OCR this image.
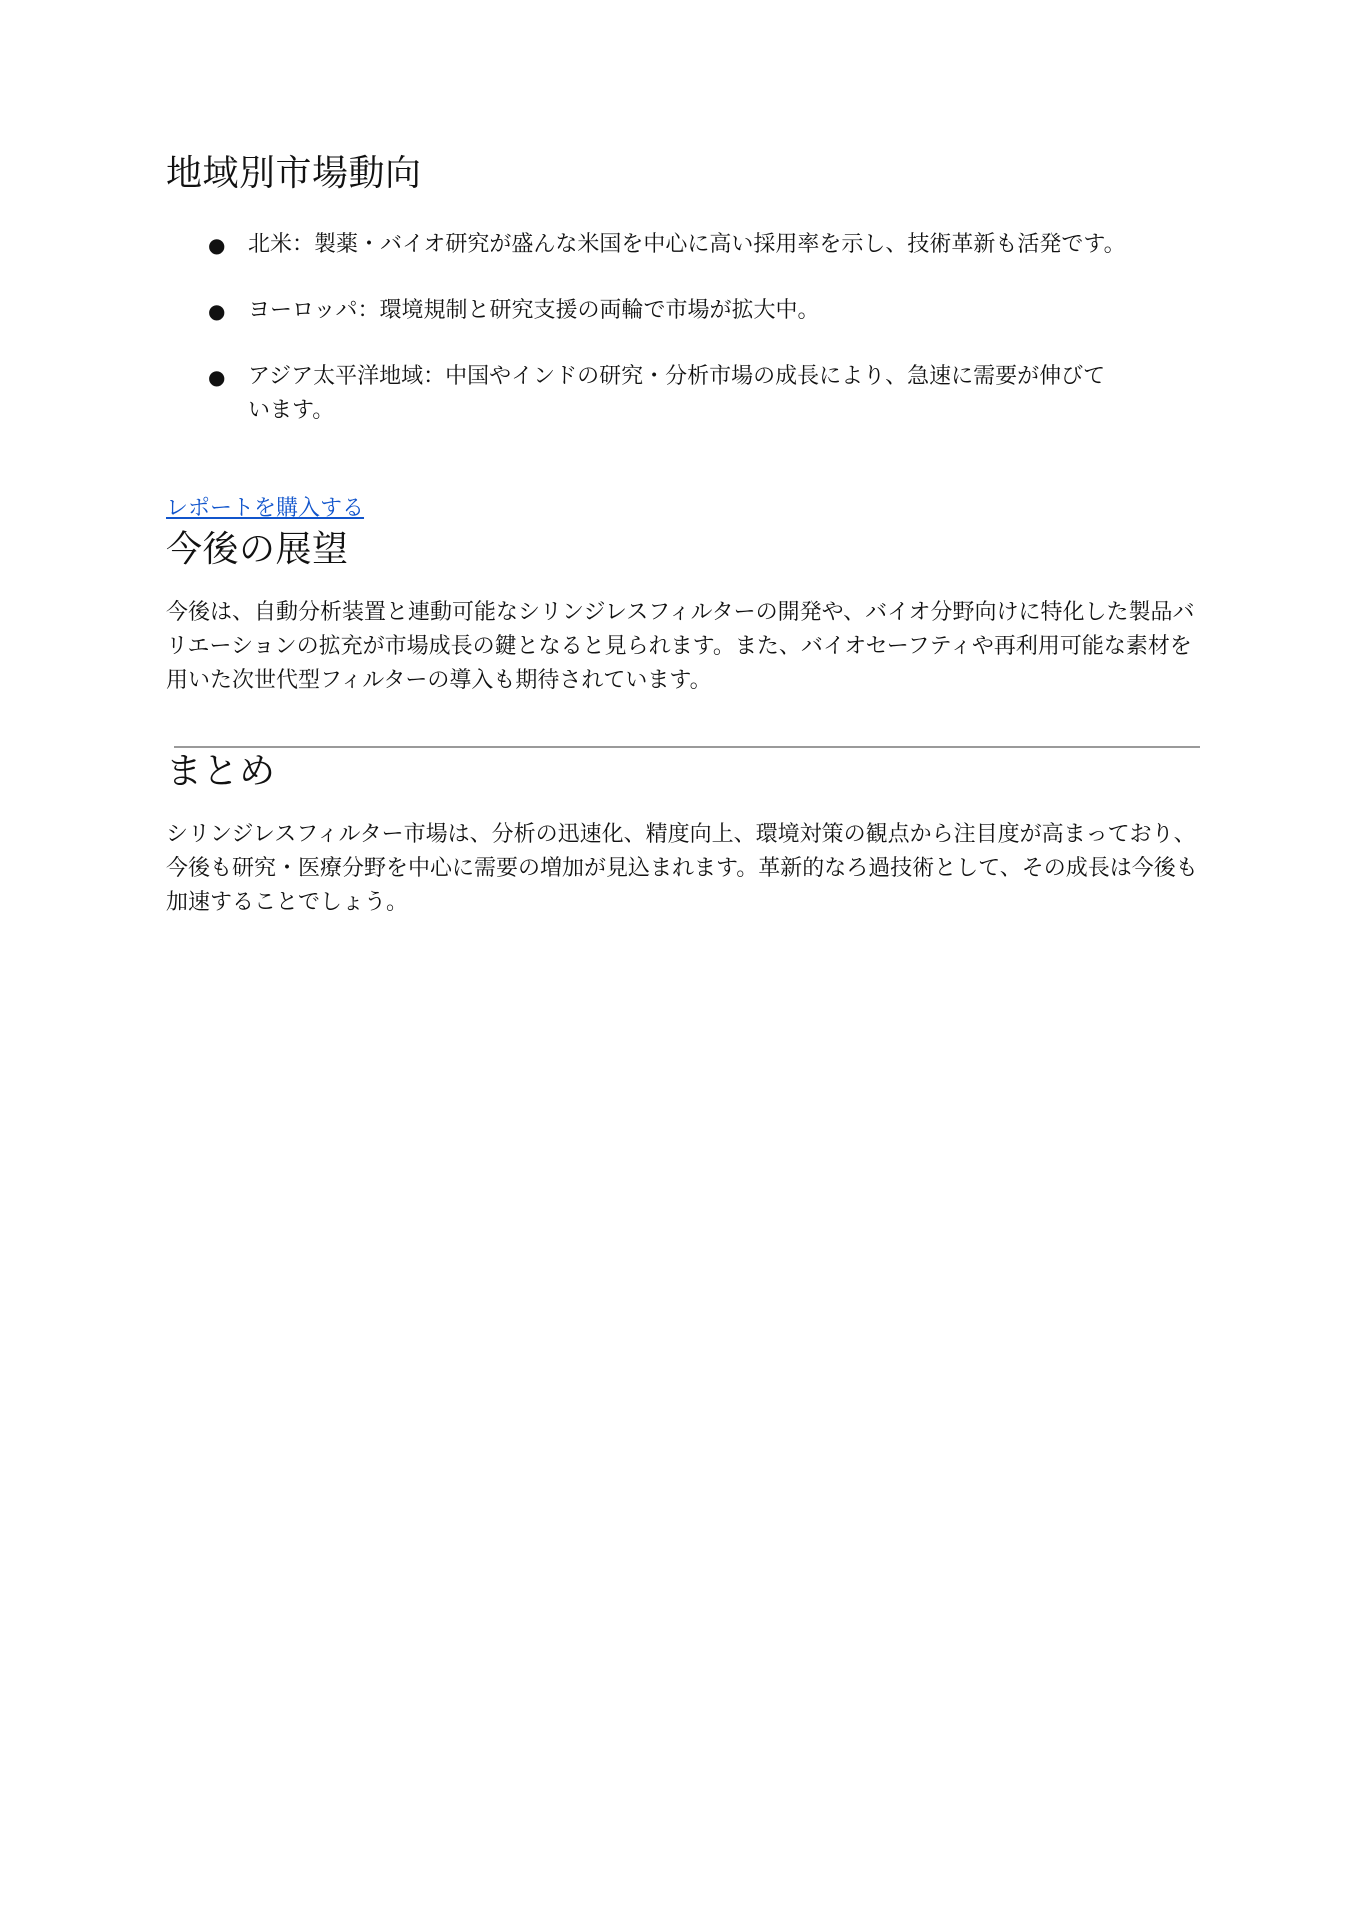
地域別市場動向
● 北米：製薬・バイオ研究が盛んな米国を中心に高い採用率を示し、技術革新も活発です。
● ヨーロッパ：環境規制と研究支援の両輪で市場が拡大中。
● アジア太平洋地域：中国やインドの研究・分析市場の成長により、急速に需要が伸びています。
レポートを購入する
今後の展望

今後は、自動分析装置と連動可能なシリンジレスフィルターの開発や、バイオ分野向けに特化した製品バリエーションの拡充が市場成長の鍵となると見られます。また、バイオセーフティや再利用可能な素材を用いた次世代型フィルターの導入も期待されています。

まとめ

シリンジレスフィルター市場は、分析の迅速化、精度向上、環境対策の観点から注目度が高まっており、今後も研究・医療分野を中心に需要の増加が見込まれます。革新的なろ過技術として、その成長は今後も加速することでしょう。
